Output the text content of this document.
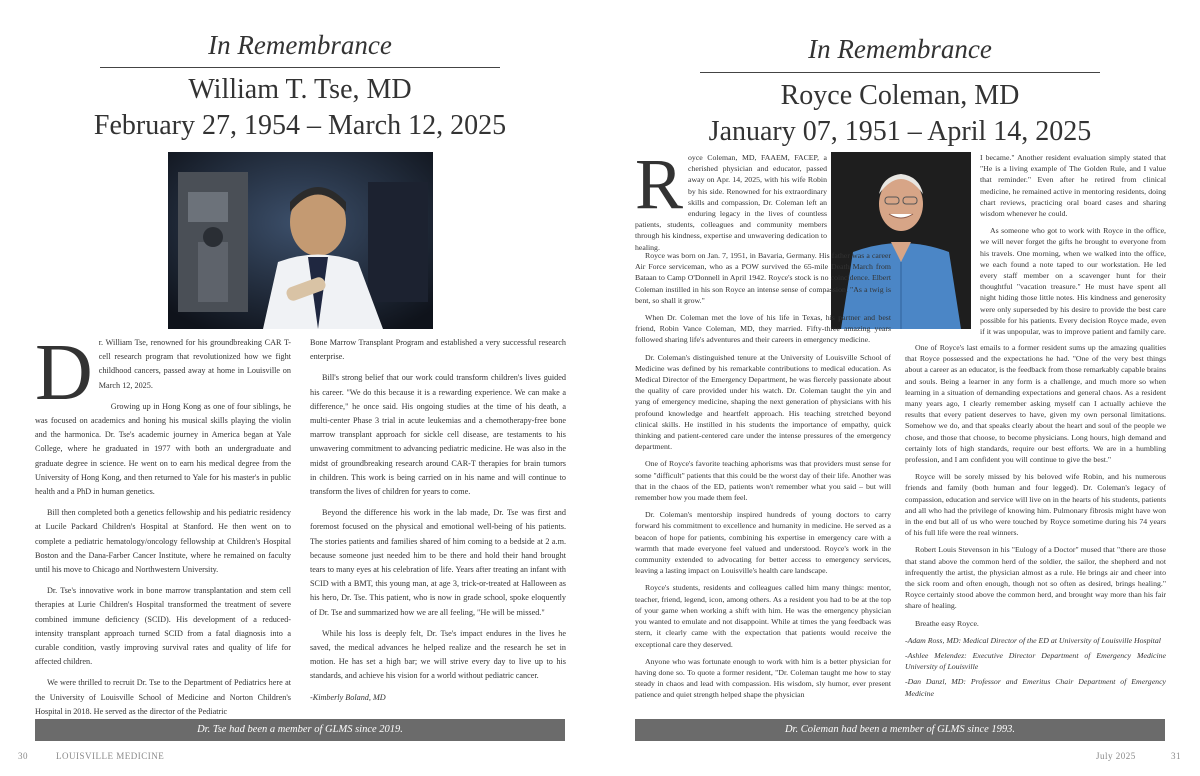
In Remembrance
William T. Tse, MD
February 27, 1954 – March 12, 2025
D r. William Tse, renowned for his groundbreaking CAR T-cell research program that revolutionized how we fight childhood cancers, passed away at home in Louisville on March 12, 2025.

Growing up in Hong Kong as one of four siblings, he was focused on academics and honing his musical skills playing the violin and the harmonica. Dr. Tse's academic journey in America began at Yale College, where he graduated in 1977 with both an undergraduate and graduate degree in science. He went on to earn his medical degree from the University of Hong Kong, and then returned to Yale for his master's in public health and a PhD in human genetics.

Bill then completed both a genetics fellowship and his pediatric residency at Lucile Packard Children's Hospital at Stanford. He then went on to complete a pediatric hematology/oncology fellowship at Children's Hospital Boston and the Dana-Farber Cancer Institute, where he remained on faculty until his move to Chicago and Northwestern University.

Dr. Tse's innovative work in bone marrow transplantation and stem cell therapies at Lurie Children's Hospital transformed the treatment of severe combined immune deficiency (SCID). His development of a reduced-intensity transplant approach turned SCID from a fatal diagnosis into a curable condition, vastly improving survival rates and quality of life for affected children.

We were thrilled to recruit Dr. Tse to the Department of Pediatrics here at the University of Louisville School of Medicine and Norton Children's Hospital in 2018. He served as the director of the Pediatric

Bone Marrow Transplant Program and established a very successful research enterprise.

Bill's strong belief that our work could transform children's lives guided his career. "We do this because it is a rewarding experience. We can make a difference," he once said. His ongoing studies at the time of his death, a multi-center Phase 3 trial in acute leukemias and a chemotherapy-free bone marrow transplant approach for sickle cell disease, are testaments to his unwavering commitment to advancing pediatric medicine. He was also in the midst of groundbreaking research around CAR-T therapies for brain tumors in children. This work is being carried on in his name and will continue to transform the lives of children for years to come.

Beyond the difference his work in the lab made, Dr. Tse was first and foremost focused on the physical and emotional well-being of his patients. The stories patients and families shared of him coming to a bedside at 2 a.m. because someone just needed him to be there and hold their hand brought tears to many eyes at his celebration of life. Years after treating an infant with SCID with a BMT, this young man, at age 3, trick-or-treated at Halloween as his hero, Dr. Tse. This patient, who is now in grade school, spoke eloquently of Dr. Tse and summarized how we are all feeling, "He will be missed."

While his loss is deeply felt, Dr. Tse's impact endures in the lives he saved, the medical advances he helped realize and the research he set in motion. He has set a high bar; we will strive every day to live up to his standards, and achieve his vision for a world without pediatric cancer.

-Kimberly Boland, MD

Dr. Tse had been a member of GLMS since 2019.
30	LOUISVILLE MEDICINE
In Remembrance
Royce Coleman, MD
January 07, 1951 – April 14, 2025
R oyce Coleman, MD, FAAEM, FACEP, a cherished physician and educator, passed away on Apr. 14, 2025, with his wife Robin by his side. Renowned for his extraordinary skills and compassion, Dr. Coleman left an enduring legacy in the lives of countless patients, students, colleagues and community members through his kindness, expertise and unwavering dedication to healing.

Royce was born on Jan. 7, 1951, in Bavaria, Germany. His father was a career Air Force serviceman, who as a POW survived the 65-mile Death March from Bataan to Camp O'Donnell in April 1942. Royce's stock is no coincidence. Elbert Coleman instilled in his son Royce an intense sense of compassion. "As a twig is bent, so shall it grow."

When Dr. Coleman met the love of his life in Texas, his partner and best friend, Robin Vance Coleman, MD, they married. Fifty-three amazing years followed sharing life's adventures and their careers in emergency medicine.

Dr. Coleman's distinguished tenure at the University of Louisville School of Medicine was defined by his remarkable contributions to medical education. As Medical Director of the Emergency Department, he was fiercely passionate about the quality of care provided under his watch. Dr. Coleman taught the yin and yang of emergency medicine, shaping the next generation of physicians with his profound knowledge and heartfelt approach. His teaching stretched beyond clinical skills. He instilled in his students the importance of empathy, quick thinking and patient-centered care under the intense pressures of the emergency department.

One of Royce's favorite teaching aphorisms was that providers must sense for some "difficult" patients that this could be the worst day of their life. Another was that in the chaos of the ED, patients won't remember what you said – but will remember how you made them feel.

Dr. Coleman's mentorship inspired hundreds of young doctors to carry forward his commitment to excellence and humanity in medicine. He served as a beacon of hope for patients, combining his expertise in emergency care with a warmth that made everyone feel valued and understood. Royce's work in the community extended to advocating for better access to emergency services, leaving a lasting impact on Louisville's health care landscape.

Royce's students, residents and colleagues called him many things: mentor, teacher, friend, legend, icon, among others. As a resident you had to be at the top of your game when working a shift with him. He was the emergency physician you wanted to emulate and not disappoint. While at times the yang feedback was stern, it clearly came with the expectation that patients would receive the exceptional care they deserved.

Anyone who was fortunate enough to work with him is a better physician for having done so. To quote a former resident, "Dr. Coleman taught me how to stay steady in chaos and lead with compassion. His wisdom, sly humor, ever present patience and quiet strength helped shape the physician

I became." Another resident evaluation simply stated that "He is a living example of The Golden Rule, and I value that reminder." Even after he retired from clinical medicine, he remained active in mentoring residents, doing chart reviews, practicing oral board cases and sharing wisdom whenever he could.

As someone who got to work with Royce in the office, we will never forget the gifts he brought to everyone from his travels. One morning, when we walked into the office, we each found a note taped to our workstation. He led every staff member on a scavenger hunt for their thoughtful "vacation treasure." He must have spent all night hiding those little notes. His kindness and generosity were only superseded by his desire to provide the best care possible for his patients. Every decision Royce made, even if it was unpopular, was to improve patient and family care.

One of Royce's last emails to a former resident sums up the amazing qualities that Royce possessed and the expectations he had. "One of the very best things about a career as an educator, is the feedback from those remarkably capable brains and souls. Being a learner in any form is a challenge, and much more so when learning in a situation of demanding expectations and general chaos. As a resident many years ago, I clearly remember asking myself can I actually achieve the results that every patient deserves to have, given my own personal limitations. Somehow we do, and that speaks clearly about the heart and soul of the people we chose, and those that choose, to become physicians. Long hours, high demand and certainly lots of high standards, require our best efforts. We are in a humbling profession, and I am confident you will continue to give the best."

Royce will be sorely missed by his beloved wife Robin, and his numerous friends and family (both human and four legged). Dr. Coleman's legacy of compassion, education and service will live on in the hearts of his students, patients and all who had the privilege of knowing him. Pulmonary fibrosis might have won in the end but all of us who were touched by Royce sometime during his 74 years of his full life were the real winners.

Robert Louis Stevenson in his "Eulogy of a Doctor" mused that "there are those that stand above the common herd of the soldier, the sailor, the shepherd and not infrequently the artist, the physician almost as a rule. He brings air and cheer into the sick room and often enough, though not so often as desired, brings healing." Royce certainly stood above the common herd, and brought way more than his fair share of healing.

Breathe easy Royce.

-Adam Ross, MD: Medical Director of the ED at University of Louisville Hospital

-Ashlee Melendez: Executive Director Department of Emergency Medicine University of Louisville

-Dan Danzl, MD: Professor and Emeritus Chair Department of Emergency Medicine

Dr. Coleman had been a member of GLMS since 1993.
July 2025	31
